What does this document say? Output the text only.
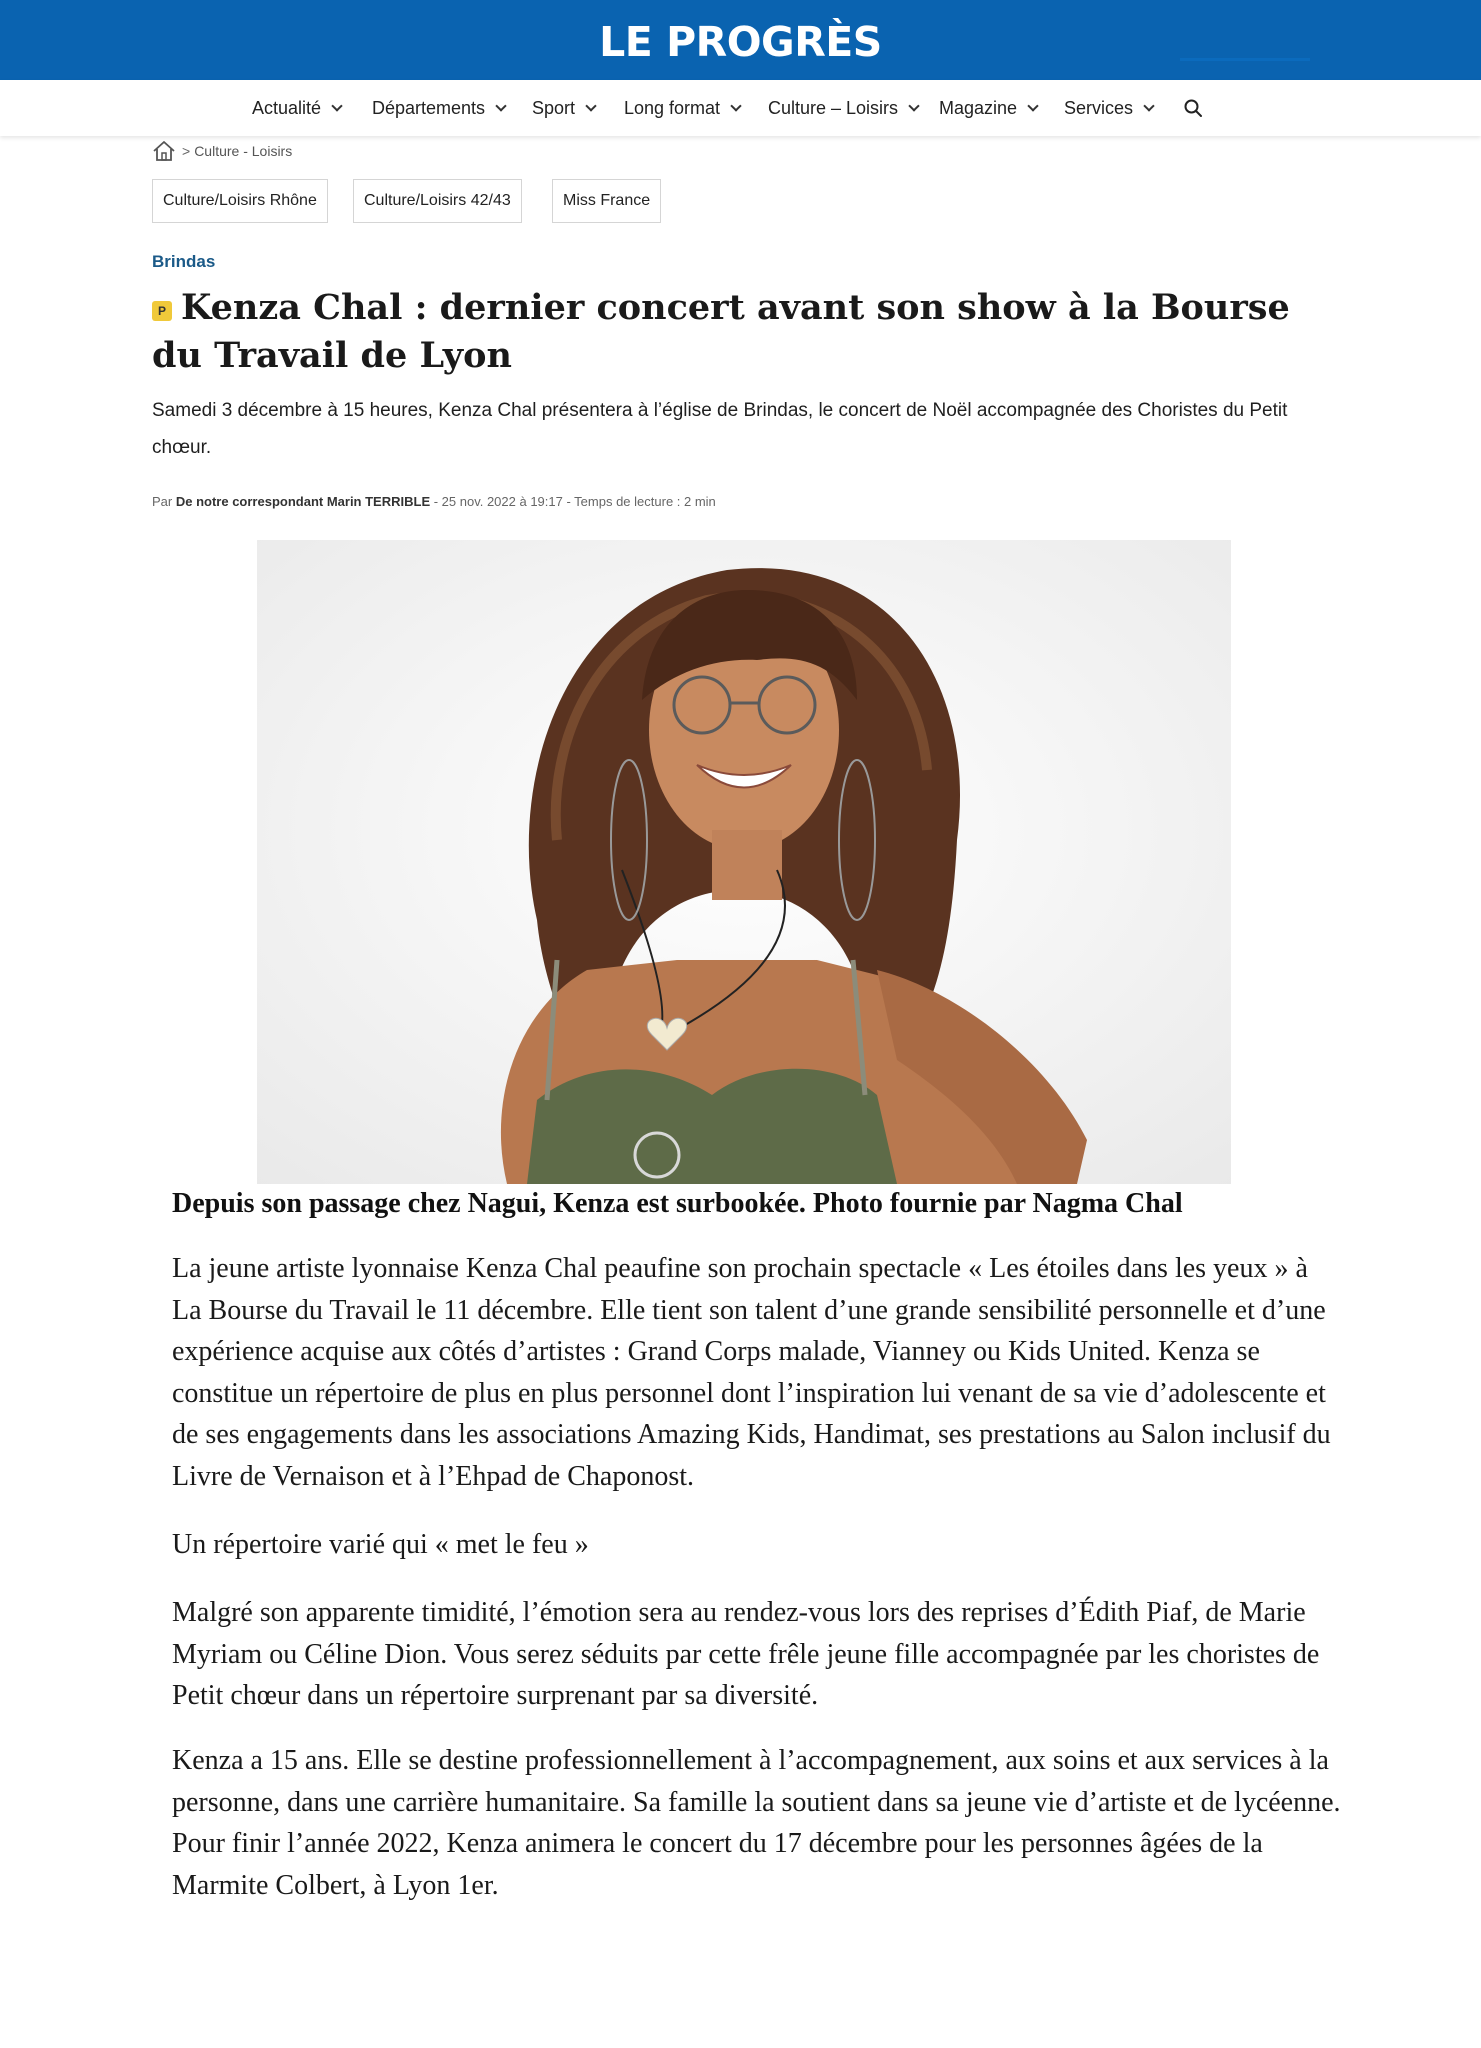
LE PROGRÈS
Actualité	Départements	Sport	Long format	Culture – Loisirs Magazine	Services
> Culture - Loisirs
Culture/Loisirs Rhône	Culture/Loisirs 42/43	Miss France
Brindas
Kenza Chal : dernier concert avant son show à la Bourse du Travail de Lyon
P

Samedi 3 décembre à 15 heures, Kenza Chal présentera à l’église de Brindas, le concert de Noël accompagnée des Choristes du Petit chœur.

Par De notre correspondant Marin TERRIBLE - 25 nov. 2022 à 19:17 - Temps de lecture : 2 min
Depuis son passage chez Nagui, Kenza est surbookée. Photo fournie par Nagma Chal

La jeune artiste lyonnaise Kenza Chal peaufine son prochain spectacle « Les étoiles dans les yeux » à La Bourse du Travail le 11 décembre. Elle tient son talent d’une grande sensibilité personnelle et d’une expérience acquise aux côtés d’artistes : Grand Corps malade, Vianney ou Kids United. Kenza se constitue un répertoire de plus en plus personnel dont l’inspiration lui venant de sa vie d’adolescente et de ses engagements dans les associations Amazing Kids, Handimat, ses prestations au Salon inclusif du Livre de Vernaison et à l’Ehpad de Chaponost.

Un répertoire varié qui « met le feu »

Malgré son apparente timidité, l’émotion sera au rendez-vous lors des reprises d’Édith Piaf, de Marie Myriam ou Céline Dion. Vous serez séduits par cette frêle jeune fille accompagnée par les choristes de Petit chœur dans un répertoire surprenant par sa diversité.

Kenza a 15 ans. Elle se destine professionnellement à l’accompagnement, aux soins et aux services à la personne, dans une carrière humanitaire. Sa famille la soutient dans sa jeune vie d’artiste et de lycéenne. Pour finir l’année 2022, Kenza animera le concert du 17 décembre pour les personnes âgées de la Marmite Colbert, à Lyon 1er.
